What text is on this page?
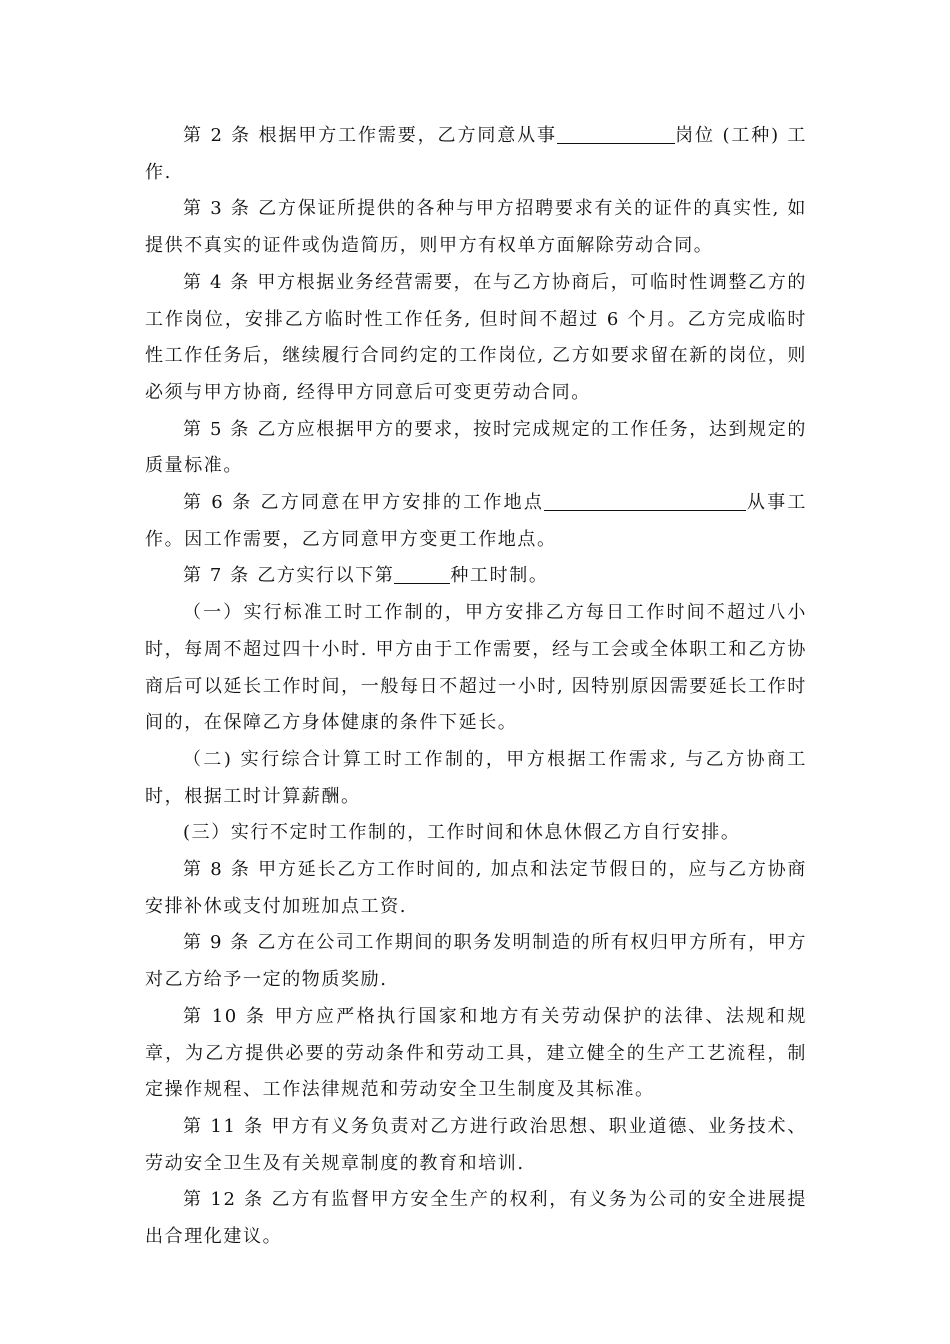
第 2 条 根据甲方工作需要，乙方同意从事	岗位 (工种) 工作.

第 3 条 乙方保证所提供的各种与甲方招聘要求有关的证件的真实性, 如提供不真实的证件或伪造简历，则甲方有权单方面解除劳动合同。

第 4 条 甲方根据业务经营需要，在与乙方协商后，可临时性调整乙方的工作岗位，安排乙方临时性工作任务, 但时间不超过 6 个月。乙方完成临时性工作任务后，继续履行合同约定的工作岗位, 乙方如要求留在新的岗位，则必须与甲方协商, 经得甲方同意后可变更劳动合同。

第 5 条 乙方应根据甲方的要求，按时完成规定的工作任务，达到规定的质量标准。

第 6 条 乙方同意在甲方安排的工作地点	从事工作。因工作需要，乙方同意甲方变更工作地点。

第 7 条 乙方实行以下第	种工时制。

（一）实行标准工时工作制的，甲方安排乙方每日工作时间不超过八小时，每周不超过四十小时. 甲方由于工作需要，经与工会或全体职工和乙方协商后可以延长工作时间，一般每日不超过一小时, 因特别原因需要延长工作时间的，在保障乙方身体健康的条件下延长。

（二) 实行综合计算工时工作制的，甲方根据工作需求, 与乙方协商工时，根据工时计算薪酬。

(三）实行不定时工作制的，工作时间和休息休假乙方自行安排。

第 8 条 甲方延长乙方工作时间的, 加点和法定节假日的，应与乙方协商安排补休或支付加班加点工资.

第 9 条 乙方在公司工作期间的职务发明制造的所有权归甲方所有，甲方对乙方给予一定的物质奖励.

第 10 条 甲方应严格执行国家和地方有关劳动保护的法律、法规和规章，为乙方提供必要的劳动条件和劳动工具，建立健全的生产工艺流程，制定操作规程、工作法律规范和劳动安全卫生制度及其标准。

第 11 条 甲方有义务负责对乙方进行政治思想、职业道德、业务技术、劳动安全卫生及有关规章制度的教育和培训.

第 12 条 乙方有监督甲方安全生产的权利，有义务为公司的安全进展提出合理化建议。
